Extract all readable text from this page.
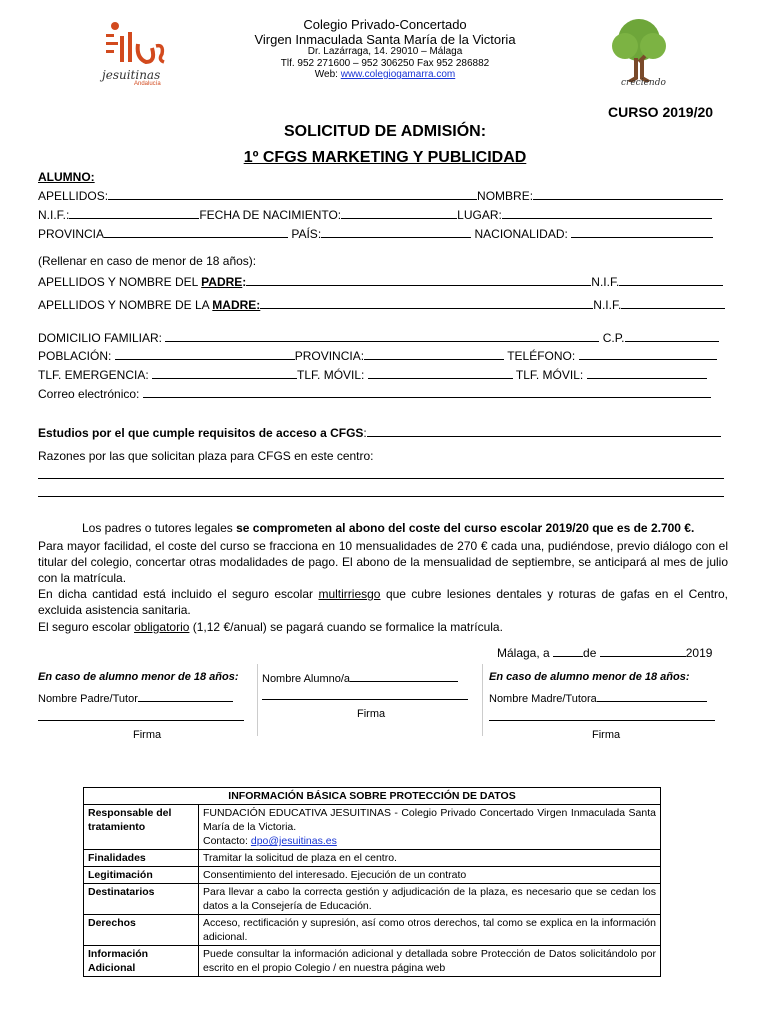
jesuitinas
Andalucía
Colegio Privado-Concertado
Virgen Inmaculada Santa María de la Victoria
Dr. Lazárraga, 14. 29010 – Málaga
Tlf. 952 271600 – 952 306250 Fax 952 286882
Web: www.colegiogamarra.com
creciendo
CURSO 2019/20
SOLICITUD DE ADMISIÓN:
1º CFGS MARKETING Y PUBLICIDAD
ALUMNO:
APELLIDOS:	NOMBRE:
N.I.F.:	FECHA DE NACIMIENTO:	LUGAR:
PROVINCIA	PAÍS:	NACIONALIDAD:
(Rellenar en caso de menor de 18 años):
APELLIDOS Y NOMBRE DEL PADRE:	N.I.F.
APELLIDOS Y NOMBRE DE LA MADRE:	N.I.F.
DOMICILIO FAMILIAR:	C.P.
POBLACIÓN:	PROVINCIA:	TELÉFONO:
TLF. EMERGENCIA:	TLF. MÓVIL:	TLF. MÓVIL:
Correo electrónico:
Estudios por el que cumple requisitos de acceso a CFGS:
Razones por las que solicitan plaza para CFGS en este centro:
Los padres o tutores legales se comprometen al abono del coste del curso escolar 2019/20 que es de 2.700 €.
Para mayor facilidad, el coste del curso se fracciona en 10 mensualidades de 270 € cada una, pudiéndose, previo diálogo con el titular del colegio, concertar otras modalidades de pago. El abono de la mensualidad de septiembre, se anticipará al mes de julio con la matrícula.
En dicha cantidad está incluido el seguro escolar multirriesgo que cubre lesiones dentales y roturas de gafas en el Centro, excluida asistencia sanitaria.
El seguro escolar obligatorio (1,12 €/anual) se pagará cuando se formalice la matrícula.
Málaga, a	de	2019
En caso de alumno menor de 18 años:
Nombre Padre/Tutor
Firma
Nombre Alumno/a
Firma
En caso de alumno menor de 18 años:
Nombre Madre/Tutora
Firma
INFORMACIÓN BÁSICA SOBRE PROTECCIÓN DE DATOS	
Responsable del tratamiento	FUNDACIÓN EDUCATIVA JESUITINAS - Colegio Privado Concertado Virgen Inmaculada Santa María de la Victoria.
Contacto: dpo@jesuitinas.es

Finalidades	Tramitar la solicitud de plaza en el centro.
Legitimación	Consentimiento del interesado. Ejecución de un contrato
Destinatarios	Para llevar a cabo la correcta gestión y adjudicación de la plaza, es necesario que se cedan los datos a la Consejería de Educación.
Derechos	Acceso, rectificación y supresión, así como otros derechos, tal como se explica en la información adicional.
Información Adicional	Puede consultar la información adicional y detallada sobre Protección de Datos solicitándolo por escrito en el propio Colegio / en nuestra página web
